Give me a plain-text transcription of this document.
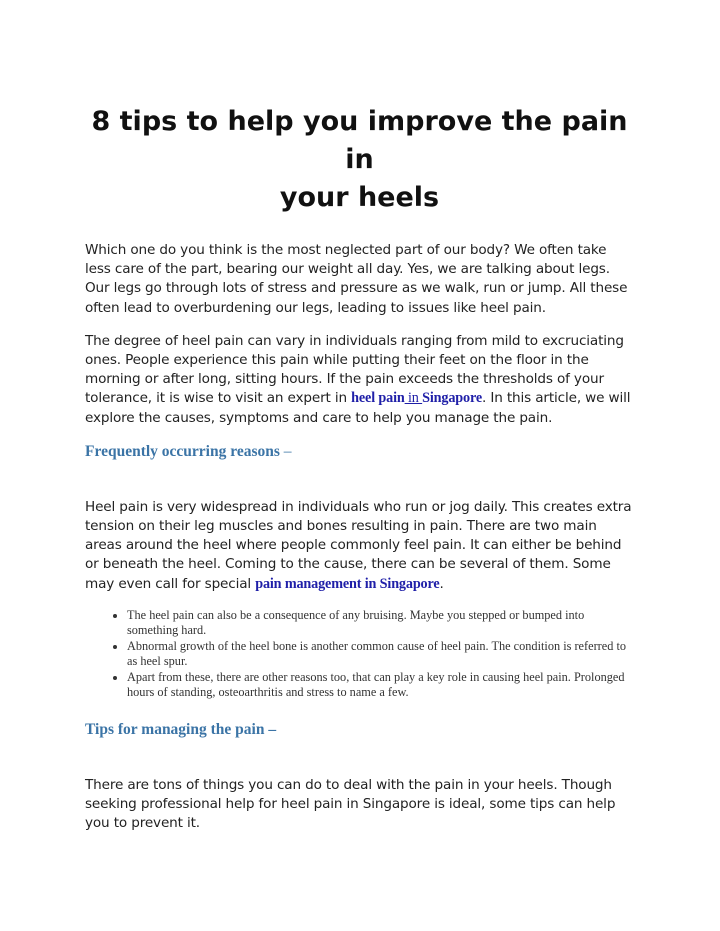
8 tips to help you improve the pain in
your heels

Which one do you think is the most neglected part of our body? We often take less care of the part, bearing our weight all day. Yes, we are talking about legs. Our legs go through lots of stress and pressure as we walk, run or jump. All these often lead to overburdening our legs, leading to issues like heel pain.

The degree of heel pain can vary in individuals ranging from mild to excruciating ones. People experience this pain while putting their feet on the floor in the morning or after long, sitting hours. If the pain exceeds the thresholds of your tolerance, it is wise to visit an expert in heel pain in Singapore. In this article, we will explore the causes, symptoms and care to help you manage the pain.

Frequently occurring reasons –

Heel pain is very widespread in individuals who run or jog daily. This creates extra tension on their leg muscles and bones resulting in pain. There are two main areas around the heel where people commonly feel pain. It can either be behind or beneath the heel. Coming to the cause, there can be several of them. Some may even call for special pain management in Singapore.

• The heel pain can also be a consequence of any bruising. Maybe you stepped or bumped into something hard.
• Abnormal growth of the heel bone is another common cause of heel pain. The condition is referred to as heel spur.
• Apart from these, there are other reasons too, that can play a key role in causing heel pain. Prolonged hours of standing, osteoarthritis and stress to name a few.
Tips for managing the pain –

There are tons of things you can do to deal with the pain in your heels. Though seeking professional help for heel pain in Singapore is ideal, some tips can help you to prevent it.
